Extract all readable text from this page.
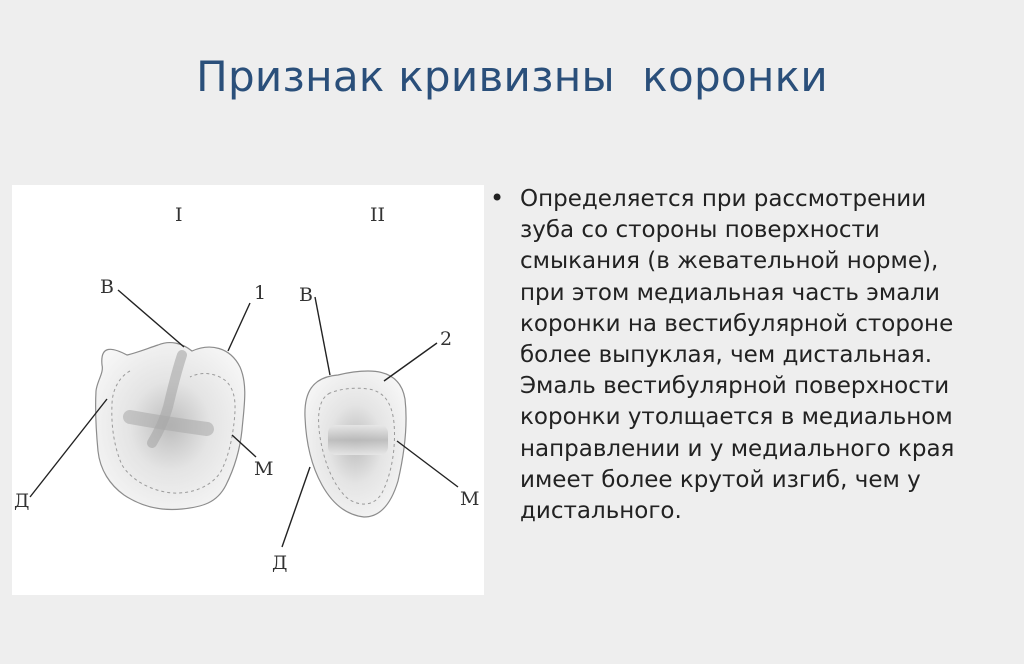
Признак кривизны  коронки
I	II
В	1
Д
М
В
2
Д
М
• Определяется при рассмотрении зуба со стороны поверхности смыкания (в жевательной норме), при этом медиальная часть эмали коронки на вестибулярной стороне более выпуклая, чем дистальная. Эмаль вестибулярной поверхности коронки утолщается в медиальном направлении и у медиального края имеет более крутой изгиб, чем у дистального.
